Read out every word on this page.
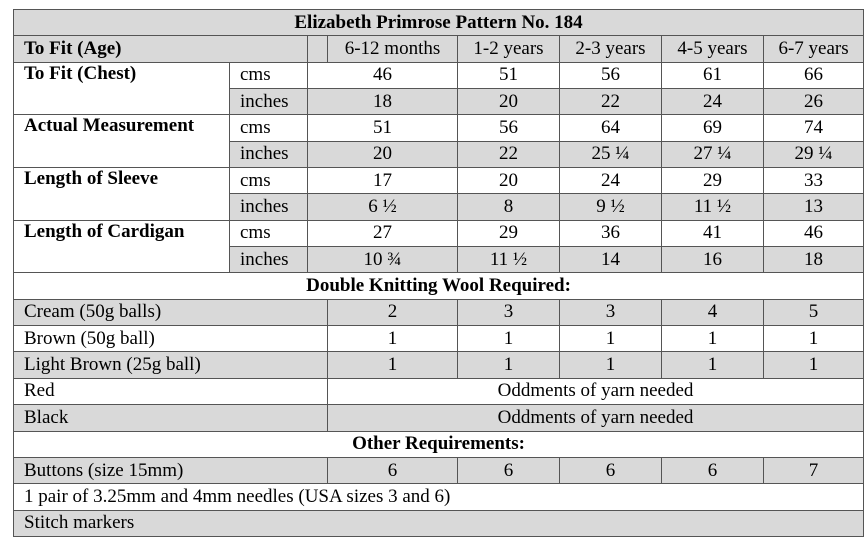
Elizabeth Primrose Pattern No. 184							
To Fit (Age)			6-12 months	1-2 years	2-3 years	4-5 years	6-7 years
To Fit (Chest)	cms	46		51	56	61	66
	inches	18		20	22	24	26
Actual Measurement	cms	51		56	64	69	74
	inches	20		22	25 ¼	27 ¼	29 ¼
Length of Sleeve	cms	17		20	24	29	33
	inches	6 ½		8	9 ½	11 ½	13
Length of Cardigan	cms	27		29	36	41	46
	inches	10 ¾		11 ½	14	16	18
Double Knitting Wool Required:							
Cream (50g balls)			2	3	3	4	5
Brown (50g ball)			1	1	1	1	1
Light Brown (25g ball)			1	1	1	1	1
Red			Oddments of yarn needed				
Black			Oddments of yarn needed				
Other Requirements:							
Buttons (size 15mm)			6	6	6	6	7
1 pair of 3.25mm and 4mm needles (USA sizes 3 and 6)							
Stitch markers							
